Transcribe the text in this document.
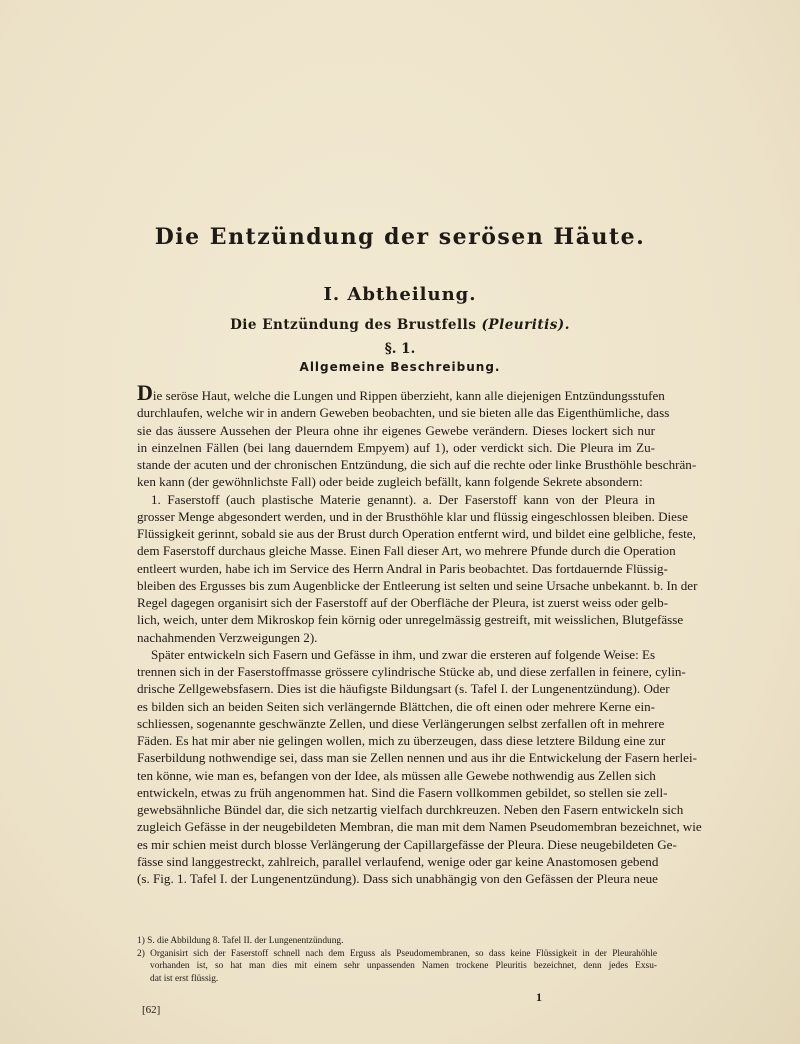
Die Entzündung der serösen Häute.
I. Abtheilung.
Die Entzündung des Brustfells (Pleuritis).
§. 1.
Allgemeine Beschreibung.
Die seröse Haut, welche die Lungen und Rippen überzieht, kann alle diejenigen Entzündungsstufen
durchlaufen, welche wir in andern Geweben beobachten, und sie bieten alle das Eigenthümliche, dass
sie das äussere Aussehen der Pleura ohne ihr eigenes Gewebe verändern. Dieses lockert sich nur
in einzelnen Fällen (bei lang dauerndem Empyem) auf 1), oder verdickt sich. Die Pleura im Zu-
stande der acuten und der chronischen Entzündung, die sich auf die rechte oder linke Brusthöhle beschrän-
ken kann (der gewöhnlichste Fall) oder beide zugleich befällt, kann folgende Sekrete absondern:
1. Faserstoff (auch plastische Materie genannt). a. Der Faserstoff kann von der Pleura in
grosser Menge abgesondert werden, und in der Brusthöhle klar und flüssig eingeschlossen bleiben. Diese
Flüssigkeit gerinnt, sobald sie aus der Brust durch Operation entfernt wird, und bildet eine gelbliche, feste,
dem Faserstoff durchaus gleiche Masse. Einen Fall dieser Art, wo mehrere Pfunde durch die Operation
entleert wurden, habe ich im Service des Herrn Andral in Paris beobachtet. Das fortdauernde Flüssig-
bleiben des Ergusses bis zum Augenblicke der Entleerung ist selten und seine Ursache unbekannt. b. In der
Regel dagegen organisirt sich der Faserstoff auf der Oberfläche der Pleura, ist zuerst weiss oder gelb-
lich, weich, unter dem Mikroskop fein körnig oder unregelmässig gestreift, mit weisslichen, Blutgefässe
nachahmenden Verzweigungen 2).
Später entwickeln sich Fasern und Gefässe in ihm, und zwar die ersteren auf folgende Weise: Es
trennen sich in der Faserstoffmasse grössere cylindrische Stücke ab, und diese zerfallen in feinere, cylin-
drische Zellgewebsfasern. Dies ist die häufigste Bildungsart (s. Tafel I. der Lungenentzündung). Oder
es bilden sich an beiden Seiten sich verlängernde Blättchen, die oft einen oder mehrere Kerne ein-
schliessen, sogenannte geschwänzte Zellen, und diese Verlängerungen selbst zerfallen oft in mehrere
Fäden. Es hat mir aber nie gelingen wollen, mich zu überzeugen, dass diese letztere Bildung eine zur
Faserbildung nothwendige sei, dass man sie Zellen nennen und aus ihr die Entwickelung der Fasern herlei-
ten könne, wie man es, befangen von der Idee, als müssen alle Gewebe nothwendig aus Zellen sich
entwickeln, etwas zu früh angenommen hat. Sind die Fasern vollkommen gebildet, so stellen sie zell-
gewebsähnliche Bündel dar, die sich netzartig vielfach durchkreuzen. Neben den Fasern entwickeln sich
zugleich Gefässe in der neugebildeten Membran, die man mit dem Namen Pseudomembran bezeichnet, wie
es mir schien meist durch blosse Verlängerung der Capillargefässe der Pleura. Diese neugebildeten Ge-
fässe sind langgestreckt, zahlreich, parallel verlaufend, wenige oder gar keine Anastomosen gebend
(s. Fig. 1. Tafel I. der Lungenentzündung). Dass sich unabhängig von den Gefässen der Pleura neue
1) S. die Abbildung 8. Tafel II. der Lungenentzündung.
2) Organisirt sich der Faserstoff schnell nach dem Erguss als Pseudomembranen, so dass keine Flüssigkeit in der Pleurahöhle
vorhanden ist, so hat man dies mit einem sehr unpassenden Namen trockene Pleuritis bezeichnet, denn jedes Exsu-
dat ist erst flüssig.
[62]
1
